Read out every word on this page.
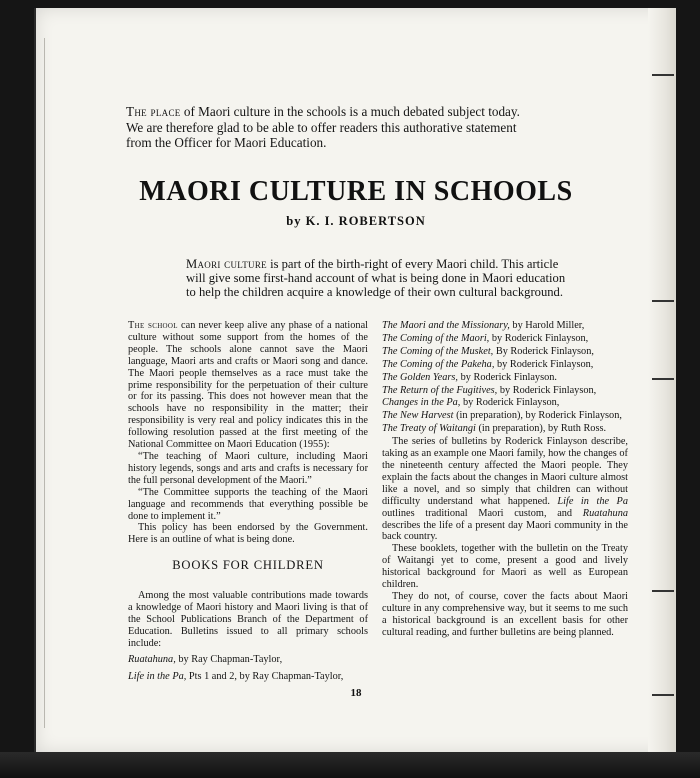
The place of Maori culture in the schools is a much debated subject today. We are therefore glad to be able to offer readers this authorative statement from the Officer for Maori Education.
MAORI CULTURE IN SCHOOLS
by K. I. ROBERTSON
Maori culture is part of the birth-right of every Maori child. This article will give some first-hand account of what is being done in Maori education to help the children acquire a knowledge of their own cultural background.

The school can never keep alive any phase of a national culture without some support from the homes of the people. The schools alone cannot save the Maori language, Maori arts and crafts or Maori song and dance. The Maori people themselves as a race must take the prime responsibility for the perpetuation of their culture or for its passing. This does not however mean that the schools have no responsibility in the matter; their responsibility is very real and policy indicates this in the following resolution passed at the first meeting of the National Committee on Maori Education (1955):

“The teaching of Maori culture, including Maori history legends, songs and arts and crafts is necessary for the full personal development of the Maori.”

“The Committee supports the teaching of the Maori language and recommends that everything possible be done to implement it.”

This policy has been endorsed by the Government. Here is an outline of what is being done.

BOOKS FOR CHILDREN

Among the most valuable contributions made towards a knowledge of Maori history and Maori living is that of the School Publications Branch of the Department of Education. Bulletins issued to all primary schools include:

Ruatahuna, by Ray Chapman-Taylor,

Life in the Pa, Pts 1 and 2, by Ray Chapman-Taylor,

The Maori and the Missionary, by Harold Miller,

The Coming of the Maori, by Roderick Finlayson,

The Coming of the Musket, By Roderick Finlayson,

The Coming of the Pakeha, by Roderick Finlayson,

The Golden Years, by Roderick Finlayson.

The Return of the Fugitives, by Roderick Finlayson,

Changes in the Pa, by Roderick Finlayson,

The New Harvest (in preparation), by Roderick Finlayson,

The Treaty of Waitangi (in preparation), by Ruth Ross.

The series of bulletins by Roderick Finlayson describe, taking as an example one Maori family, how the changes of the nineteenth century affected the Maori people. They explain the facts about the changes in Maori culture almost like a novel, and so simply that children can without difficulty understand what happened. Life in the Pa outlines traditional Maori custom, and Ruatahuna describes the life of a present day Maori community in the back country.

These booklets, together with the bulletin on the Treaty of Waitangi yet to come, present a good and lively historical background for Maori as well as European children.

They do not, of course, cover the facts about Maori culture in any comprehensive way, but it seems to me such a historical background is an excellent basis for other cultural reading, and further bulletins are being planned.

18
